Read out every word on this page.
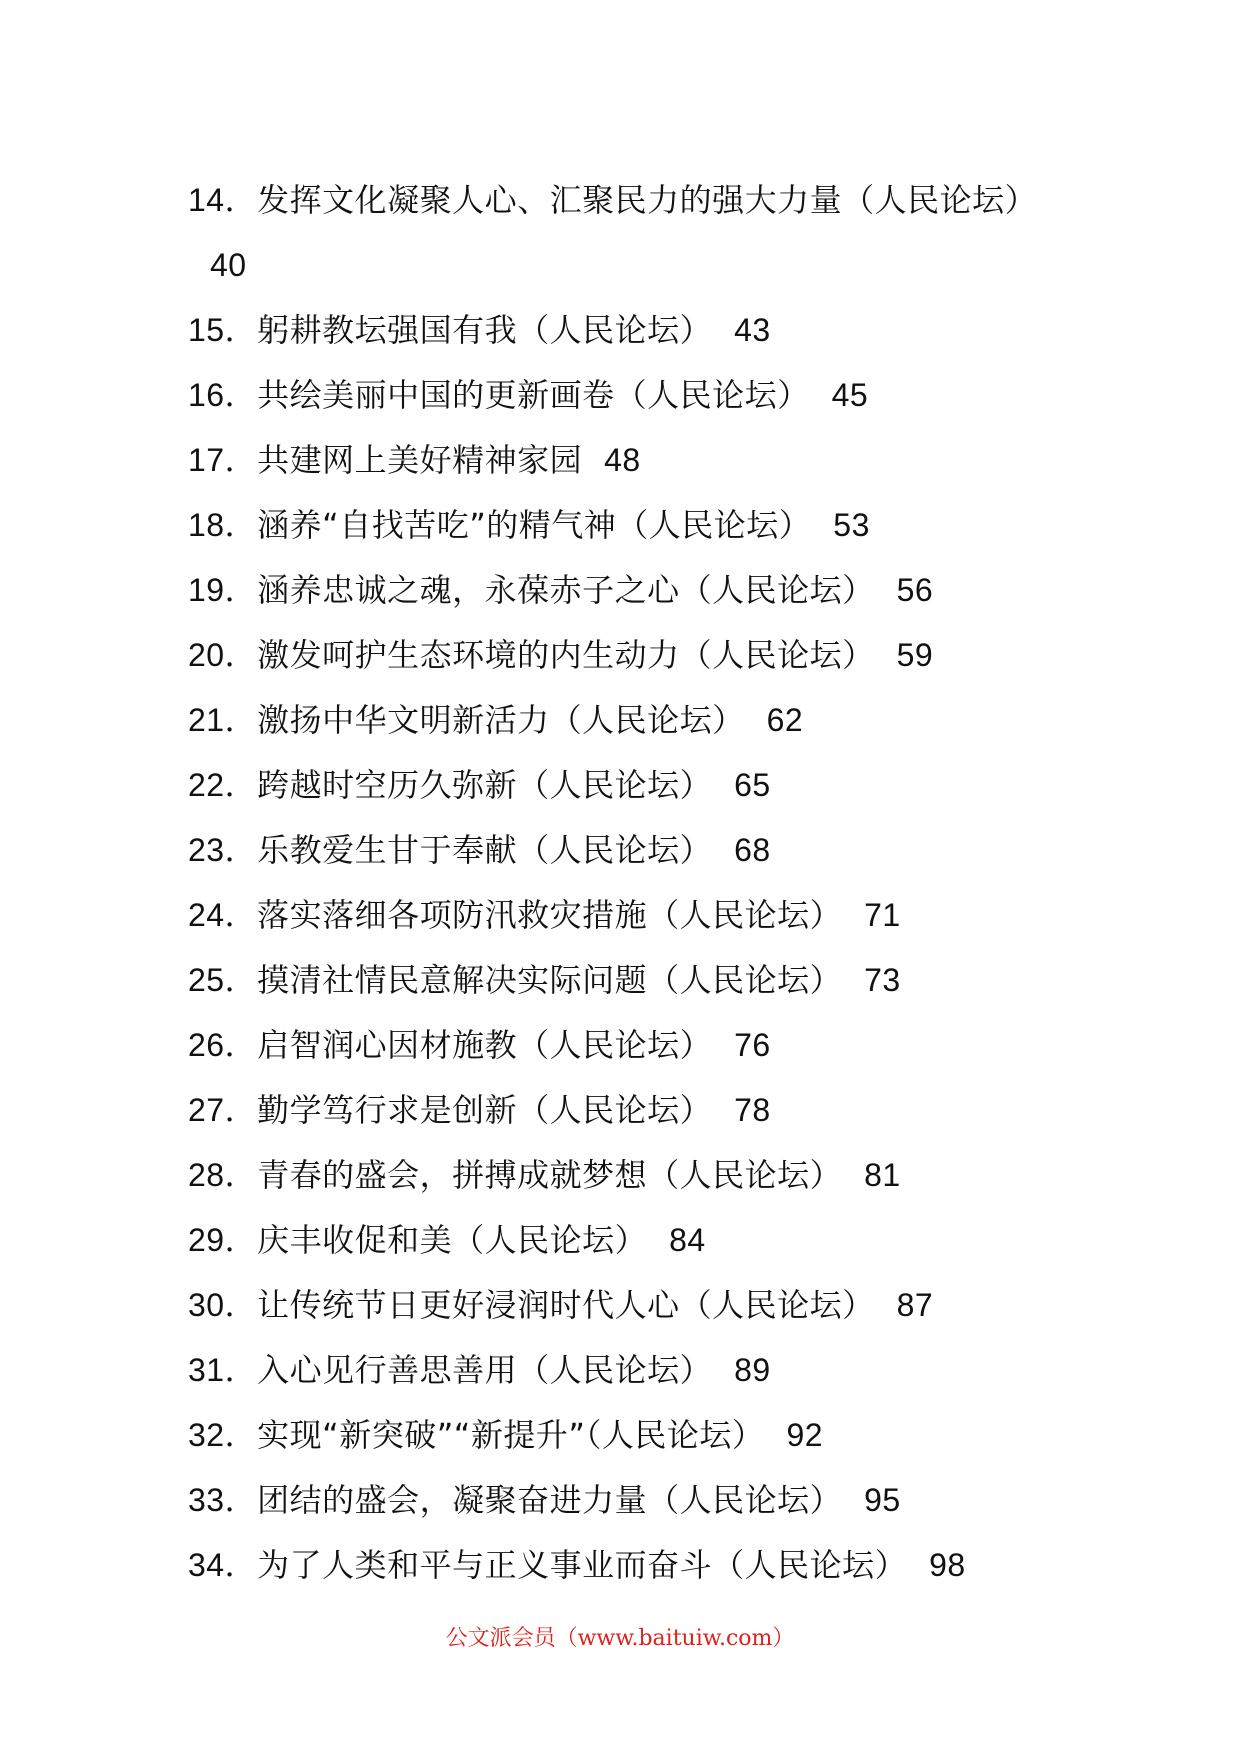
14．发挥文化凝聚人心、汇聚民力的强大力量（人民论坛）40
15．躬耕教坛强国有我（人民论坛） 43
16．共绘美丽中国的更新画卷（人民论坛） 45
17．共建网上美好精神家园 48
18．涵养“自找苦吃”的精气神（人民论坛） 53
19．涵养忠诚之魂，永葆赤子之心（人民论坛） 56
20．激发呵护生态环境的内生动力（人民论坛） 59
21．激扬中华文明新活力（人民论坛） 62
22．跨越时空历久弥新（人民论坛） 65
23．乐教爱生甘于奉献（人民论坛） 68
24．落实落细各项防汛救灾措施（人民论坛） 71
25．摸清社情民意解决实际问题（人民论坛） 73
26．启智润心因材施教（人民论坛） 76
27．勤学笃行求是创新（人民论坛） 78
28．青春的盛会，拼搏成就梦想（人民论坛） 81
29．庆丰收促和美（人民论坛） 84
30．让传统节日更好浸润时代人心（人民论坛） 87
31．入心见行善思善用（人民论坛） 89
32．实现“新突破”“新提升”（人民论坛） 92
33．团结的盛会，凝聚奋进力量（人民论坛） 95
34．为了人类和平与正义事业而奋斗（人民论坛） 98
公文派会员（www.baituiw.com）
